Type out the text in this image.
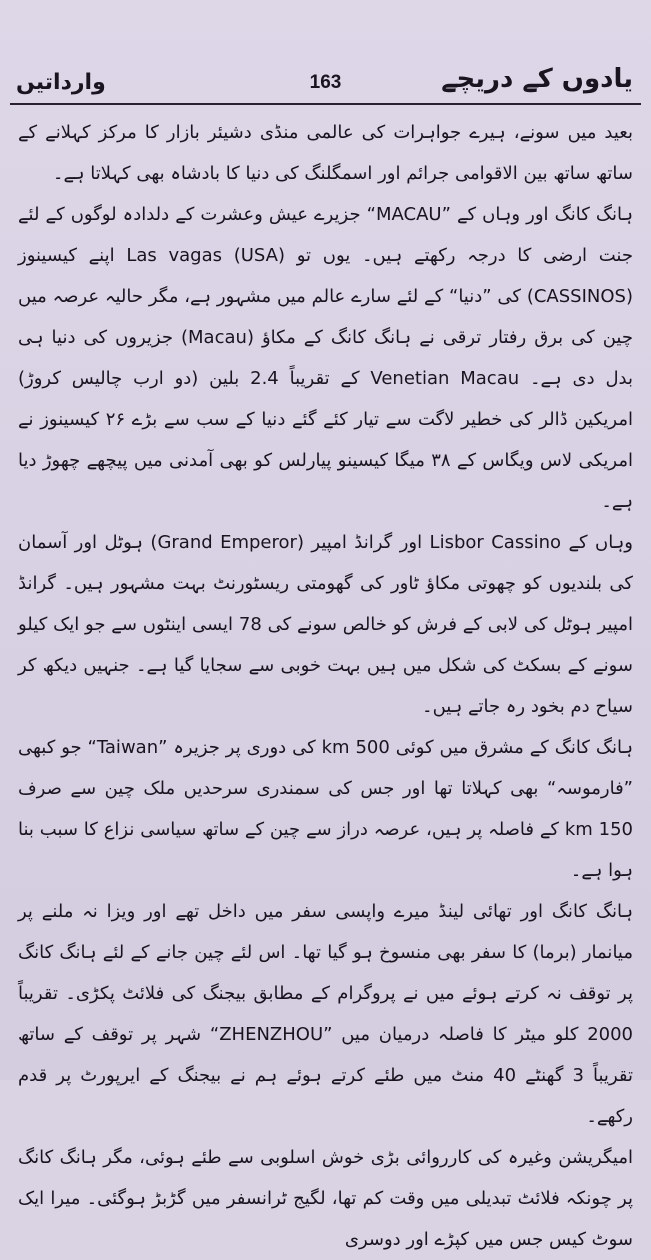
وارداتیں	163	یادوں کے دریچے

بعید میں سونے، ہیرے جواہرات کی عالمی منڈی دشیئر بازار کا مرکز کہلانے کے ساتھ ساتھ بین الاقوامی جرائم اور اسمگلنگ کی دنیا کا بادشاہ بھی کہلاتا ہے۔

ہانگ کانگ اور وہاں کے ”MACAU“ جزیرے عیش وعشرت کے دلدادہ لوگوں کے لئے جنت ارضی کا درجہ رکھتے ہیں۔ یوں تو Las vagas (USA) اپنے کیسینوز (CASSINOS) کی ”دنیا“ کے لئے سارے عالم میں مشہور ہے، مگر حالیہ عرصہ میں چین کی برق رفتار ترقی نے ہانگ کانگ کے مکاؤ (Macau) جزیروں کی دنیا ہی بدل دی ہے۔ Venetian Macau کے تقریباً 2.4 بلین (دو ارب چالیس کروڑ) امریکین ڈالر کی خطیر لاگت سے تیار کئے گئے دنیا کے سب سے بڑے ۲۶ کیسینوز نے امریکی لاس ویگاس کے ۳۸ میگا کیسینو پیارلس کو بھی آمدنی میں پیچھے چھوڑ دیا ہے۔

وہاں کے Lisbor Cassino اور گرانڈ امپیر (Grand Emperor) ہوٹل اور آسمان کی بلندیوں کو چھوتی مکاؤ ٹاور کی گھومتی ریسٹورنٹ بہت مشہور ہیں۔ گرانڈ امپیر ہوٹل کی لابی کے فرش کو خالص سونے کی 78 ایسی اینٹوں سے جو ایک کیلو سونے کے بسکٹ کی شکل میں ہیں بہت خوبی سے سجایا گیا ہے۔ جنہیں دیکھ کر سیاح دم بخود رہ جاتے ہیں۔

ہانگ کانگ کے مشرق میں کوئی 500 km کی دوری پر جزیرہ ”Taiwan“ جو کبھی ”فارموسہ“ بھی کہلاتا تھا اور جس کی سمندری سرحدیں ملک چین سے صرف 150 km کے فاصلہ پر ہیں، عرصہ دراز سے چین کے ساتھ سیاسی نزاع کا سبب بنا ہوا ہے۔

ہانگ کانگ اور تھائی لینڈ میرے واپسی سفر میں داخل تھے اور ویزا نہ ملنے پر میانمار (برما) کا سفر بھی منسوخ ہو گیا تھا۔ اس لئے چین جانے کے لئے ہانگ کانگ پر توقف نہ کرتے ہوئے میں نے پروگرام کے مطابق بیجنگ کی فلائٹ پکڑی۔ تقریباً 2000 کلو میٹر کا فاصلہ درمیان میں ”ZHENZHOU“ شہر پر توقف کے ساتھ تقریباً 3 گھنٹے 40 منٹ میں طئے کرتے ہوئے ہم نے بیجنگ کے ایرپورٹ پر قدم رکھے۔

امیگریشن وغیرہ کی کارروائی بڑی خوش اسلوبی سے طئے ہوئی، مگر ہانگ کانگ پر چونکہ فلائٹ تبدیلی میں وقت کم تھا، لگیج ٹرانسفر میں گڑبڑ ہوگئی۔ میرا ایک سوٹ کیس جس میں کپڑے اور دوسری
